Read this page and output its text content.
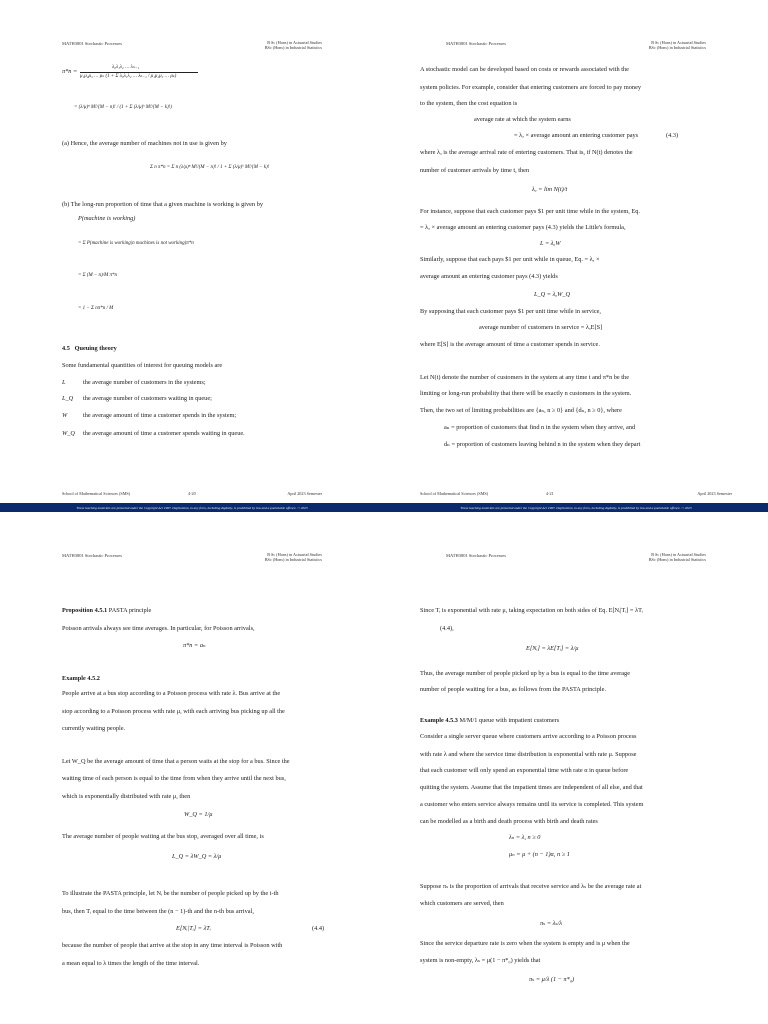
MATH3801 Stochastic Processes	B Sc (Hons) in Actuarial Studies
BSc (Hons) in Industrial Statistics
π*n =
λ₀λ₁λ₂ … λₙ₋₁
μ₁μ₂μ₃ … μₙ (1 + Σ λ₀λ₁λ₂ … λₖ₋₁ / μ₁μ₂μ₃ … μₖ)
= (λ/μ)ⁿ M!/(M − n)! / (1 + Σ (λ/μ)ᵏ M!/(M − k)!)
(a) Hence, the average number of machines not in use is given by
Σ n π*n = Σ n (λ/μ)ⁿ M!/(M − n)! / 1 + Σ (λ/μ)ᵏ M!/(M − k)!
(b) The long-run proportion of time that a given machine is working is given by
P(machine is working)
= Σ P(machine is working|n machines is not working)π*n
= Σ (M − n)/M π*n
= 1 − Σ nπ*n / M
4.5 Queuing theory
Some fundamental quantities of interest for queuing models are
L	the average number of customers in the systems;
L_Q the average number of customers waiting in queue;
W	the average amount of time a customer spends in the system;
W_Q the average amount of time a customer spends waiting in queue.
School of Mathematical Sciences (SMS)	4-20	April 2023 Semester
These teaching materials are protected under the Copyright Act 1987. Duplication, in any form, including digitally, is prohibited by law and a punishable offence. © 2023
MATH3801 Stochastic Processes	B Sc (Hons) in Actuarial Studies
BSc (Hons) in Industrial Statistics
A stochastic model can be developed based on costs or rewards associated with the
system policies. For example, consider that entering customers are forced to pay money
to the system, then the cost equation is
average rate at which the system earns
= λₐ × average amount an entering customer pays	(4.3)
where λₐ is the average arrival rate of entering customers. That is, if N(t) denotes the
number of customer arrivals by time t, then
λₐ = lim N(t)/t
For instance, suppose that each customer pays $1 per unit time while in the system, Eq.
= λₐ × average amount an entering customer pays (4.3) yields the Little's formula,
L = λₐW
Similarly, suppose that each pays $1 per unit while in queue, Eq. = λₐ ×
average amount an entering customer pays (4.3) yields
L_Q = λₐW_Q
By supposing that each customer pays $1 per unit time while in service,
average number of customers in service = λₐE[S]
where E[S] is the average amount of time a customer spends in service.
Let N(t) denote the number of customers in the system at any time t and π*n be the
limiting or long-run probability that there will be exactly n customers in the system.
Then, the two set of limiting probabilities are {aₙ, n ≥ 0} and {dₙ, n ≥ 0}, where
aₙ = proportion of customers that find n in the system when they arrive, and
dₙ = proportion of customers leaving behind n in the system when they depart
School of Mathematical Sciences (SMS)	4-21	April 2023 Semester
These teaching materials are protected under the Copyright Act 1987. Duplication, in any form, including digitally, is prohibited by law and a punishable offence. © 2023
MATH3801 Stochastic Processes	B Sc (Hons) in Actuarial Studies
BSc (Hons) in Industrial Statistics
Proposition 4.5.1 PASTA principle
Poisson arrivals always see time averages. In particular, for Poisson arrivals,
π*n = aₙ
Example 4.5.2
People arrive at a bus stop according to a Poisson process with rate λ. Bus arrive at the
stop according to a Poisson process with rate μ, with each arriving bus picking up all the
currently waiting people.
Let W_Q be the average amount of time that a person waits at the stop for a bus. Since the
waiting time of each person is equal to the time from when they arrive until the next bus,
which is exponentially distributed with rate μ, then
W_Q = 1/μ
The average number of people waiting at the bus stop, averaged over all time, is
L_Q = λW_Q = λ/μ
To illustrate the PASTA principle, let Nᵢ be the number of people picked up by the i-th
bus, then Tᵢ equal to the time between the (n − 1)-th and the n-th bus arrival,
E[Nᵢ|Tᵢ] = λTᵢ	(4.4)
because the number of people that arrive at the stop in any time interval is Poisson with
a mean equal to λ times the length of the time interval.
MATH3801 Stochastic Processes	B Sc (Hons) in Actuarial Studies
BSc (Hons) in Industrial Statistics
Since Tᵢ is exponential with rate μ, taking expectation on both sides of Eq. E[Nᵢ|Tᵢ] = λTᵢ
(4.4),
E[Nᵢ] = λE[Tᵢ] = λ/μ
Thus, the average number of people picked up by a bus is equal to the time average
number of people waiting for a bus, as follows from the PASTA principle.
Example 4.5.3 M/M/1 queue with impatient customers
Consider a single server queue where customers arrive according to a Poisson process
with rate λ and where the service time distribution is exponential with rate μ. Suppose
that each customer will only spend an exponential time with rate α in queue before
quitting the system. Assume that the impatient times are independent of all else, and that
a customer who enters service always remains until its service is completed. This system
can be modelled as a birth and death process with birth and death rates
λₙ = λ, n ≥ 0
μₙ = μ + (n − 1)α, n ≥ 1
Suppose πₛ is the proportion of arrivals that receive service and λₛ be the average rate at
which customers are served, then
πₛ = λₛ/λ
Since the service departure rate is zero when the system is empty and is μ when the
system is non-empty, λₛ = μ(1 − π*₀) yields that
πₛ = μ/λ (1 − π*₀)
